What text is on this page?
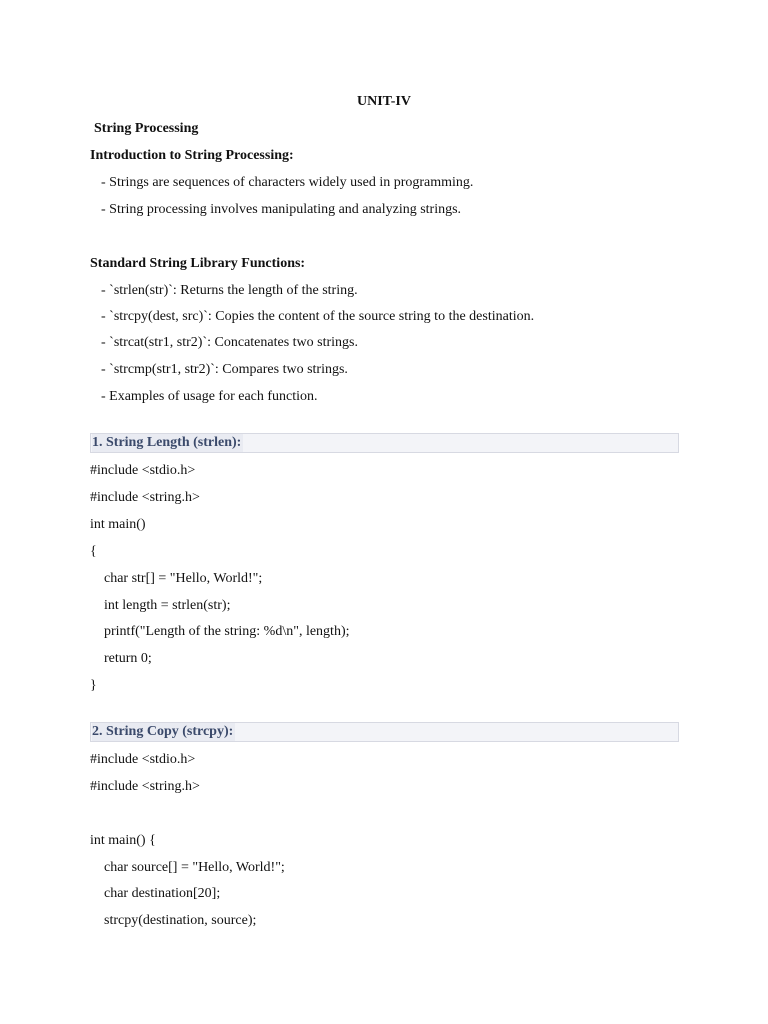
UNIT-IV
String Processing
Introduction to String Processing:
- Strings are sequences of characters widely used in programming.
- String processing involves manipulating and analyzing strings.
Standard String Library Functions:
- `strlen(str)`: Returns the length of the string.
- `strcpy(dest, src)`: Copies the content of the source string to the destination.
- `strcat(str1, str2)`: Concatenates two strings.
- `strcmp(str1, str2)`: Compares two strings.
- Examples of usage for each function.
1. String Length (strlen):
#include <stdio.h>
#include <string.h>
int main()
{
char str[] = "Hello, World!";
int length = strlen(str);
printf("Length of the string: %d\n", length);
return 0;
}
2. String Copy (strcpy):
#include <stdio.h>
#include <string.h>
int main() {
char source[] = "Hello, World!";
char destination[20];
strcpy(destination, source);
